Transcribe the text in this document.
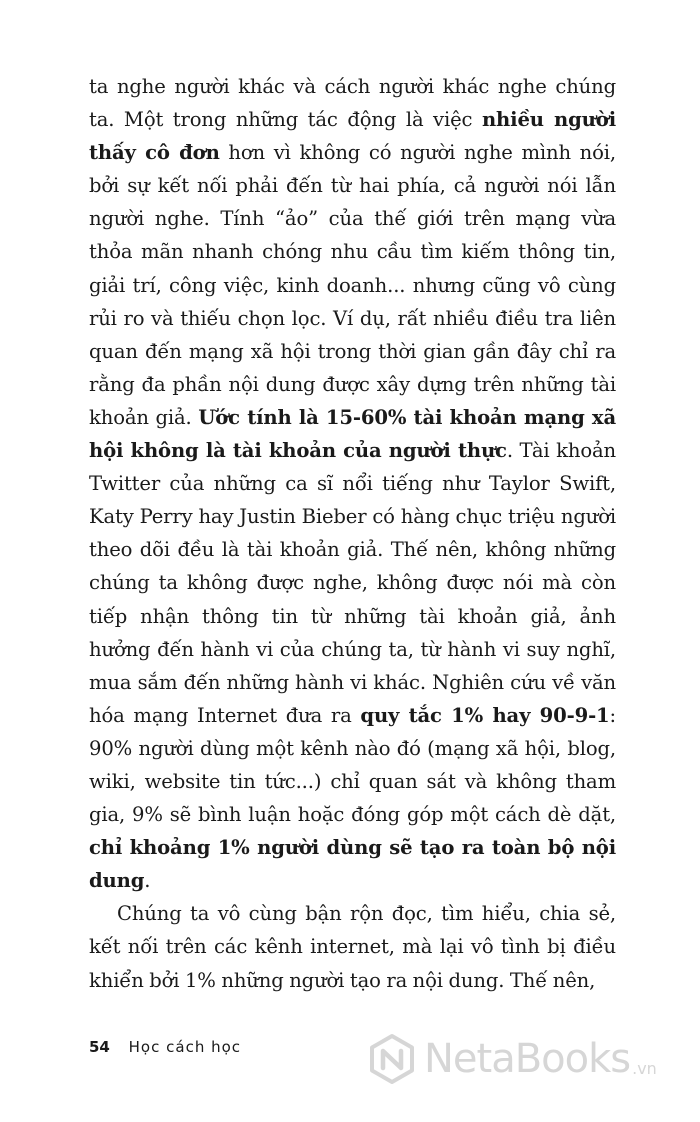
ta nghe người khác và cách người khác nghe chúng ta. Một trong những tác động là việc nhiều người thấy cô đơn hơn vì không có người nghe mình nói, bởi sự kết nối phải đến từ hai phía, cả người nói lẫn người nghe. Tính “ảo” của thế giới trên mạng vừa thỏa mãn nhanh chóng nhu cầu tìm kiếm thông tin, giải trí, công việc, kinh doanh... nhưng cũng vô cùng rủi ro và thiếu chọn lọc. Ví dụ, rất nhiều điều tra liên quan đến mạng xã hội trong thời gian gần đây chỉ ra rằng đa phần nội dung được xây dựng trên những tài khoản giả. Ước tính là 15-60% tài khoản mạng xã hội không là tài khoản của người thực. Tài khoản Twitter của những ca sĩ nổi tiếng như Taylor Swift, Katy Perry hay Justin Bieber có hàng chục triệu người theo dõi đều là tài khoản giả. Thế nên, không những chúng ta không được nghe, không được nói mà còn tiếp nhận thông tin từ những tài khoản giả, ảnh hưởng đến hành vi của chúng ta, từ hành vi suy nghĩ, mua sắm đến những hành vi khác. Nghiên cứu về văn hóa mạng Internet đưa ra quy tắc 1% hay 90-9-1: 90% người dùng một kênh nào đó (mạng xã hội, blog, wiki, website tin tức...) chỉ quan sát và không tham gia, 9% sẽ bình luận hoặc đóng góp một cách dè dặt, chỉ khoảng 1% người dùng sẽ tạo ra toàn bộ nội dung.

Chúng ta vô cùng bận rộn đọc, tìm hiểu, chia sẻ, kết nối trên các kênh internet, mà lại vô tình bị điều khiển bởi 1% những người tạo ra nội dung. Thế nên,

54 Học cách học	NetaBooks .vn
